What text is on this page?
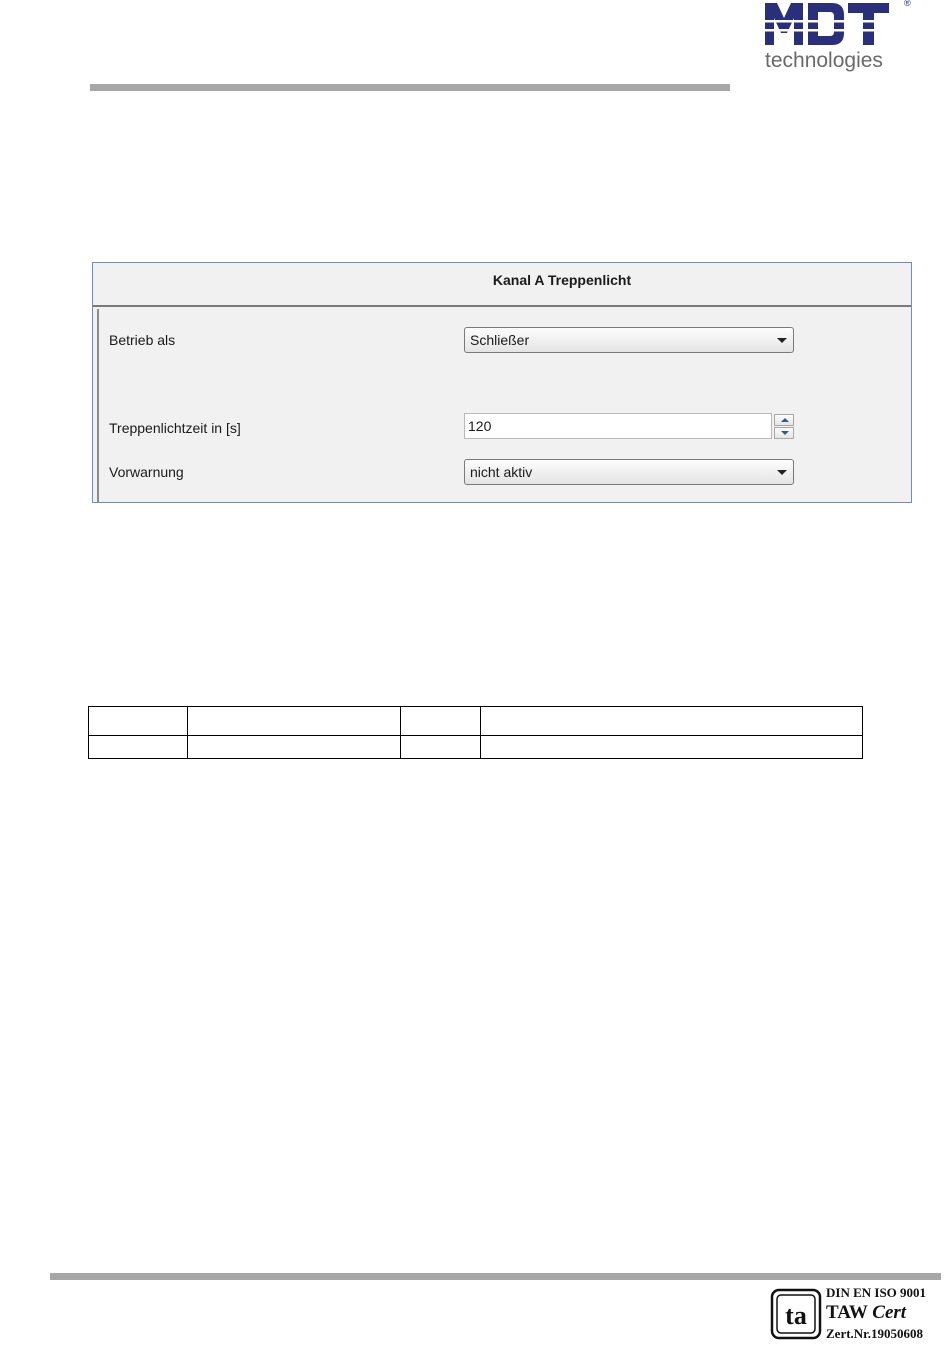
®
technologies
Kanal A Treppenlicht
Betrieb als	Schließer
Treppenlichtzeit in [s]	120
Vorwarnung	nicht aktiv

ta
DIN EN ISO 9001
TAW Cert
Zert.Nr.19050608
